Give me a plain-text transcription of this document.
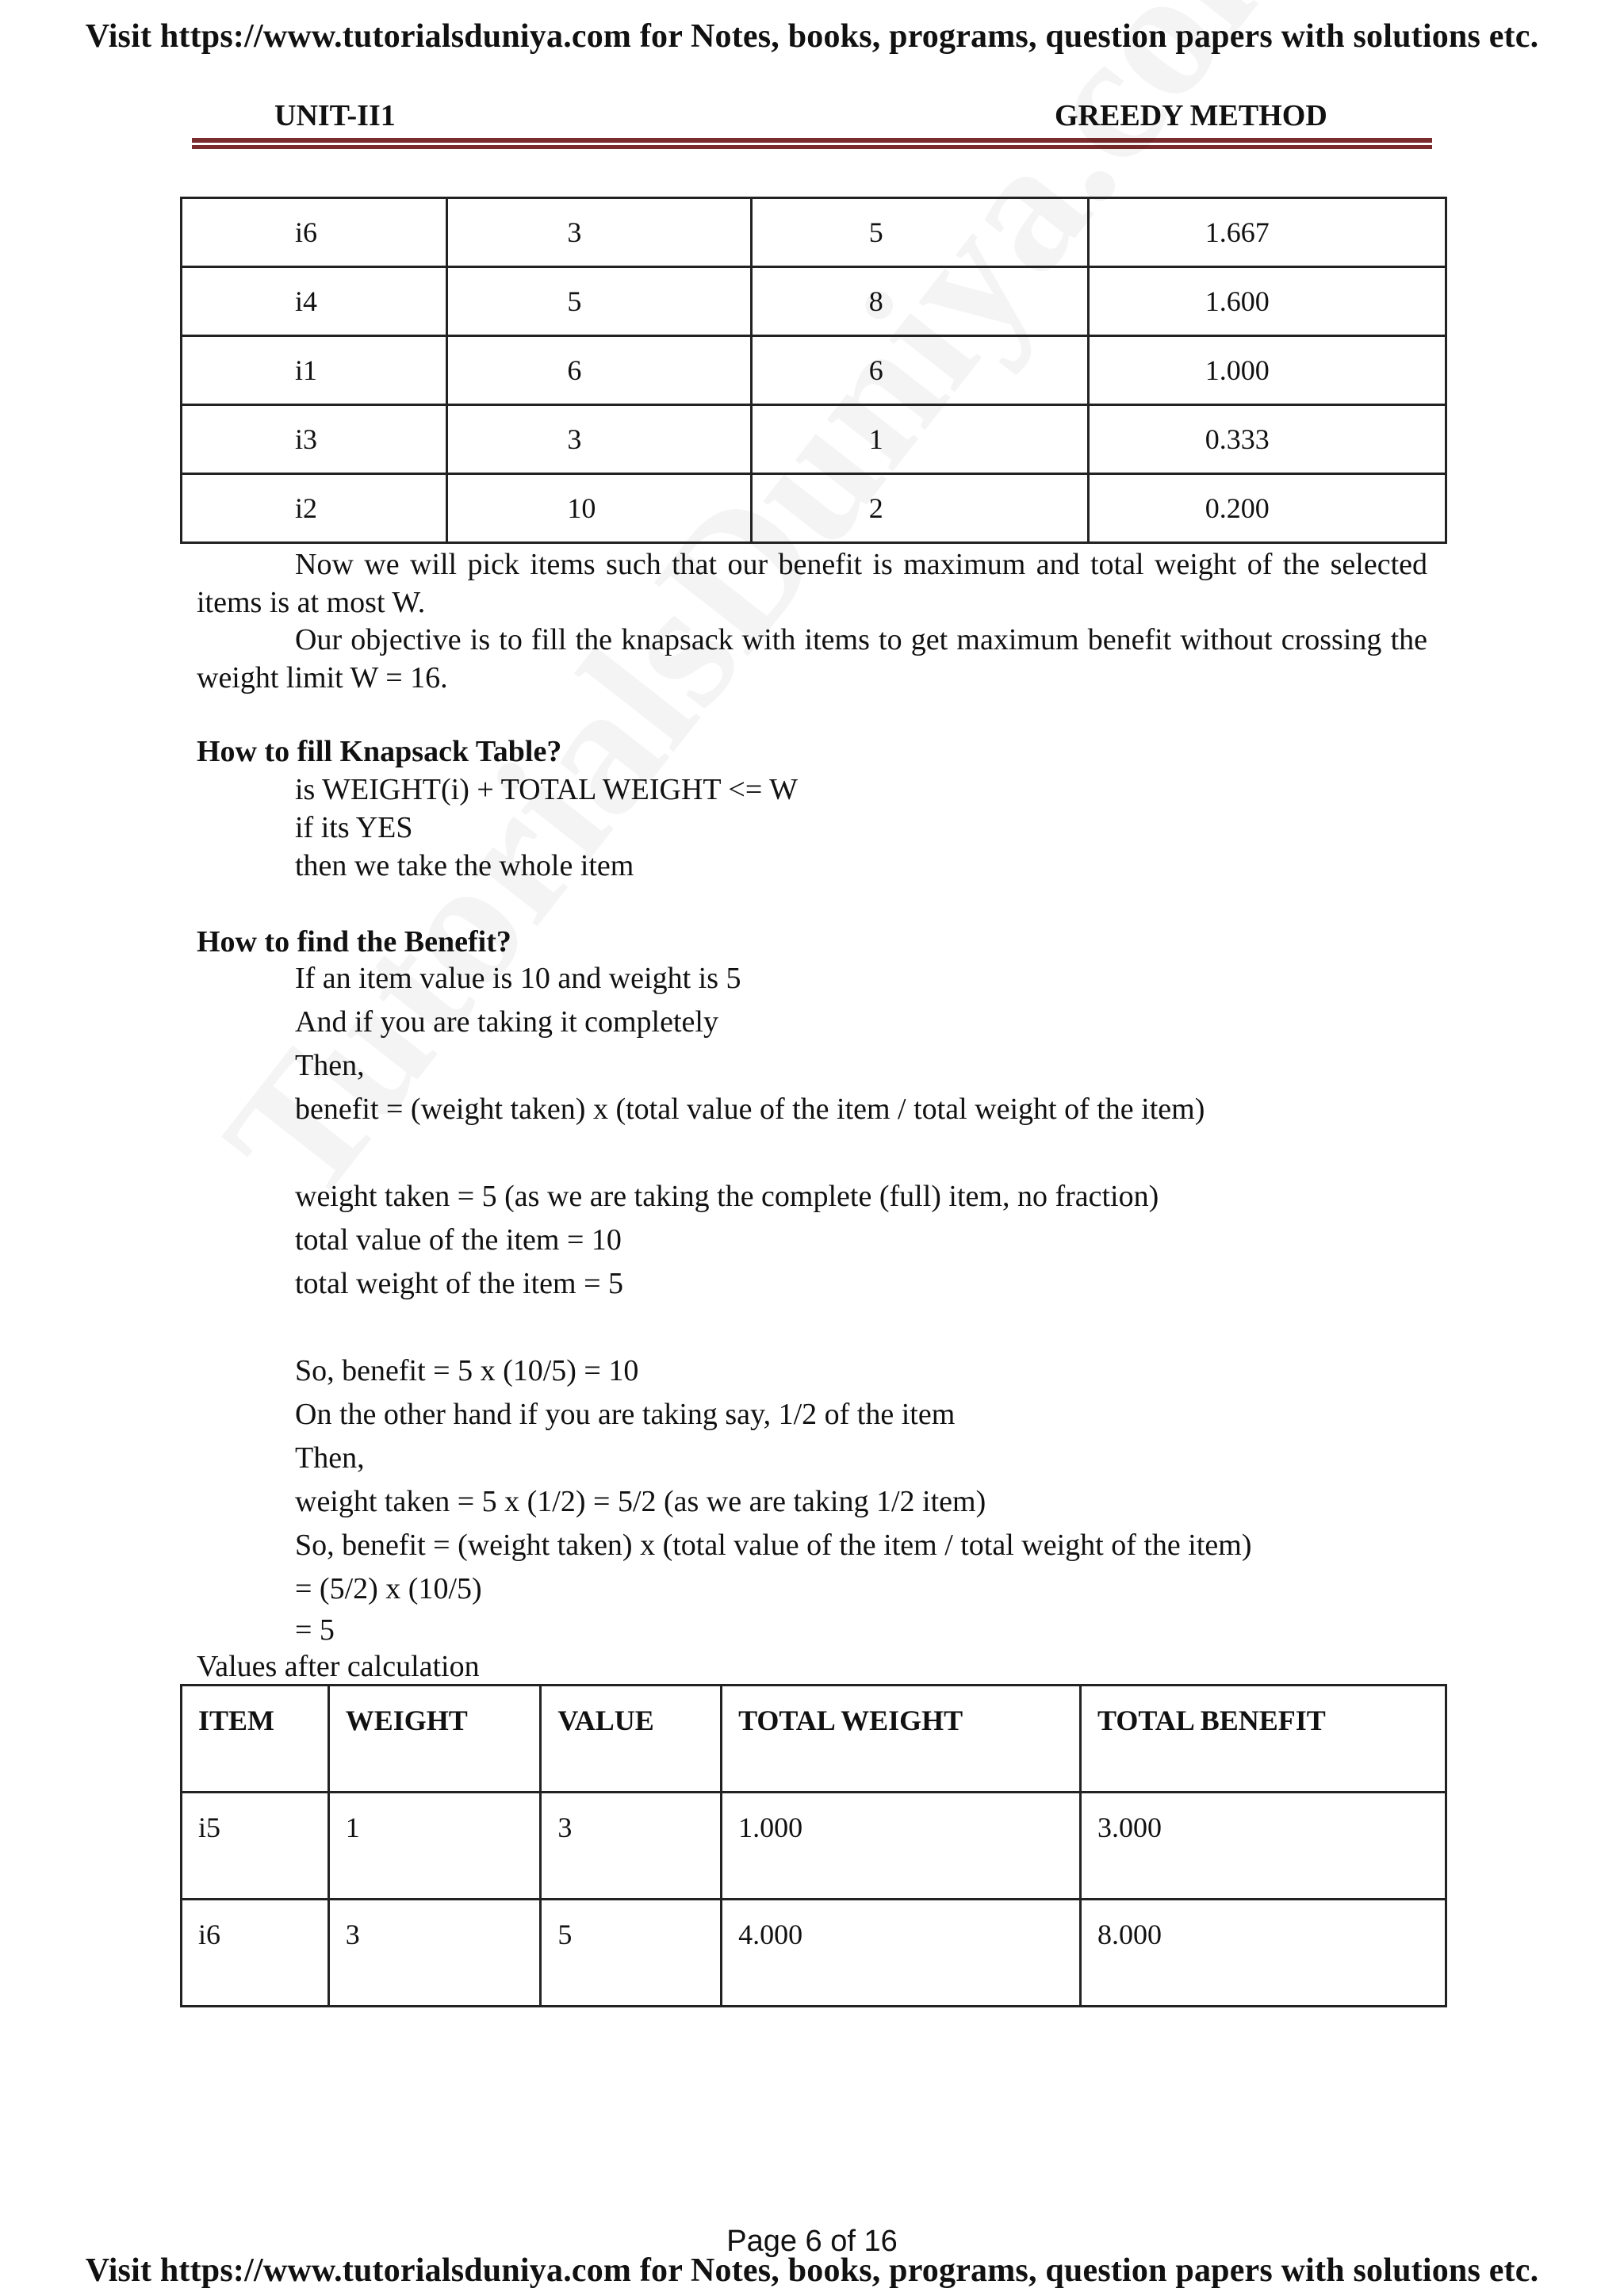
Visit https://www.tutorialsduniya.com for Notes, books, programs, question papers with solutions etc.
UNIT-II1	GREEDY METHOD
i6	3	5	1.667

i4	5	8	1.600

i1	6	6	1.000

i3	3	1	0.333

i2	10	2	0.200
Now we will pick items such that our benefit is maximum and total weight of the selected items is at most W.
Our objective is to fill the knapsack with items to get maximum benefit without crossing the weight limit W = 16.
How to fill Knapsack Table?
is WEIGHT(i) + TOTAL WEIGHT <= W
if its YES
then we take the whole item
How to find the Benefit?
If an item value is 10 and weight is 5
And if you are taking it completely
Then,
benefit = (weight taken) x (total value of the item / total weight of the item)
weight taken = 5 (as we are taking the complete (full) item, no fraction)
total value of the item = 10
total weight of the item = 5
So, benefit = 5 x (10/5) = 10
On the other hand if you are taking say, 1/2 of the item
Then,
weight taken = 5 x (1/2) = 5/2 (as we are taking 1/2 item)
So, benefit = (weight taken) x (total value of the item / total weight of the item)
= (5/2) x (10/5)
= 5
Values after calculation
ITEM	WEIGHT	VALUE	TOTAL WEIGHT	TOTAL BENEFIT
i5	1	3	1.000	3.000
i6	3	5	4.000	8.000
Page 6 of 16
Visit https://www.tutorialsduniya.com for Notes, books, programs, question papers with solutions etc.
